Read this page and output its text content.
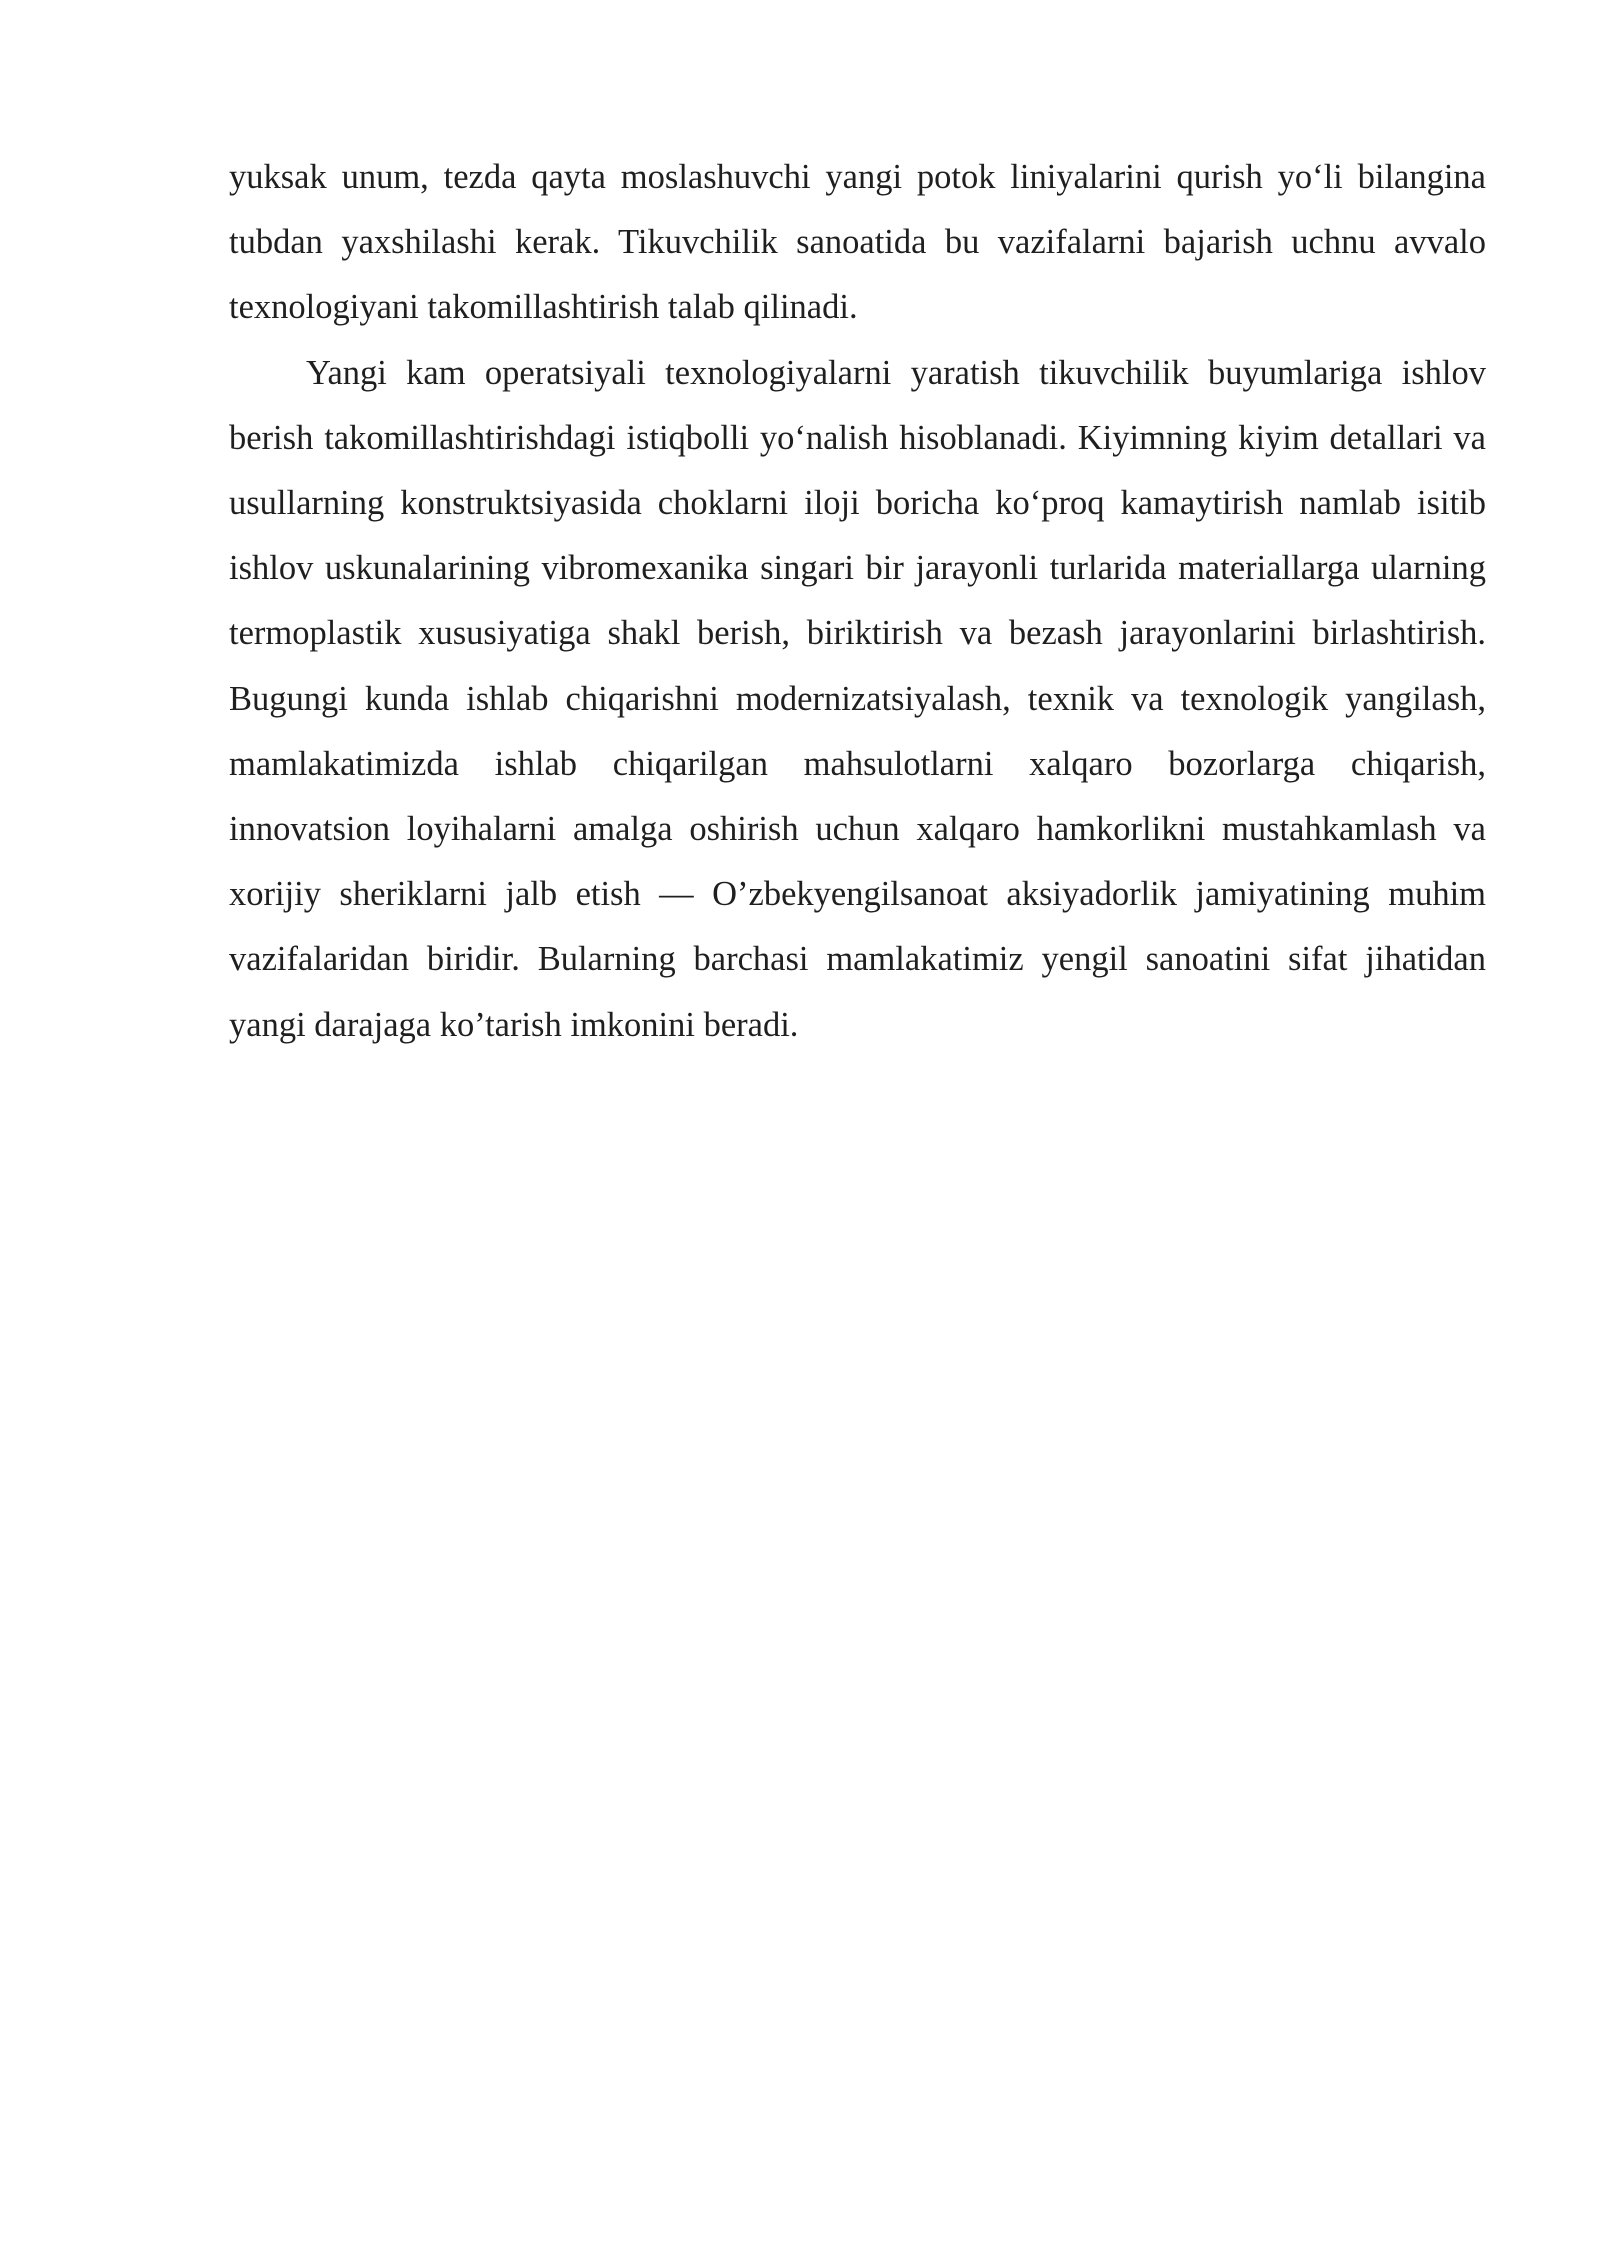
yuksak unum, tezda qayta moslashuvchi yangi potok liniyalarini qurish yo‘li bilangina tubdan yaxshilashi kerak. Tikuvchilik sanoatida bu vazifalarni bajarish uchnu avvalo texnologiyani takomillashtirish talab qilinadi.

Yangi kam operatsiyali texnologiyalarni yaratish tikuvchilik buyumlariga ishlov berish takomillashtirishdagi istiqbolli yo‘nalish hisoblanadi. Kiyimning kiyim detallari va usullarning konstruktsiyasida choklarni iloji boricha ko‘proq kamaytirish namlab isitib ishlov uskunalarining vibromexanika singari bir jarayonli turlarida materiallarga ularning termoplastik xususiyatiga shakl berish, biriktirish va bezash jarayonlarini birlashtirish. Bugungi kunda ishlab chiqarishni modernizatsiyalash, texnik va texnologik yangilash, mamlakatimizda ishlab chiqarilgan mahsulotlarni xalqaro bozorlarga chiqarish, innovatsion loyihalarni amalga oshirish uchun xalqaro hamkorlikni mustahkamlash va xorijiy sheriklarni jalb etish — O’zbekyengilsanoat aksiyadorlik jamiyatining muhim vazifalaridan biridir. Bularning barchasi mamlakatimiz yengil sanoatini sifat jihatidan yangi darajaga ko’tarish imkonini beradi.
